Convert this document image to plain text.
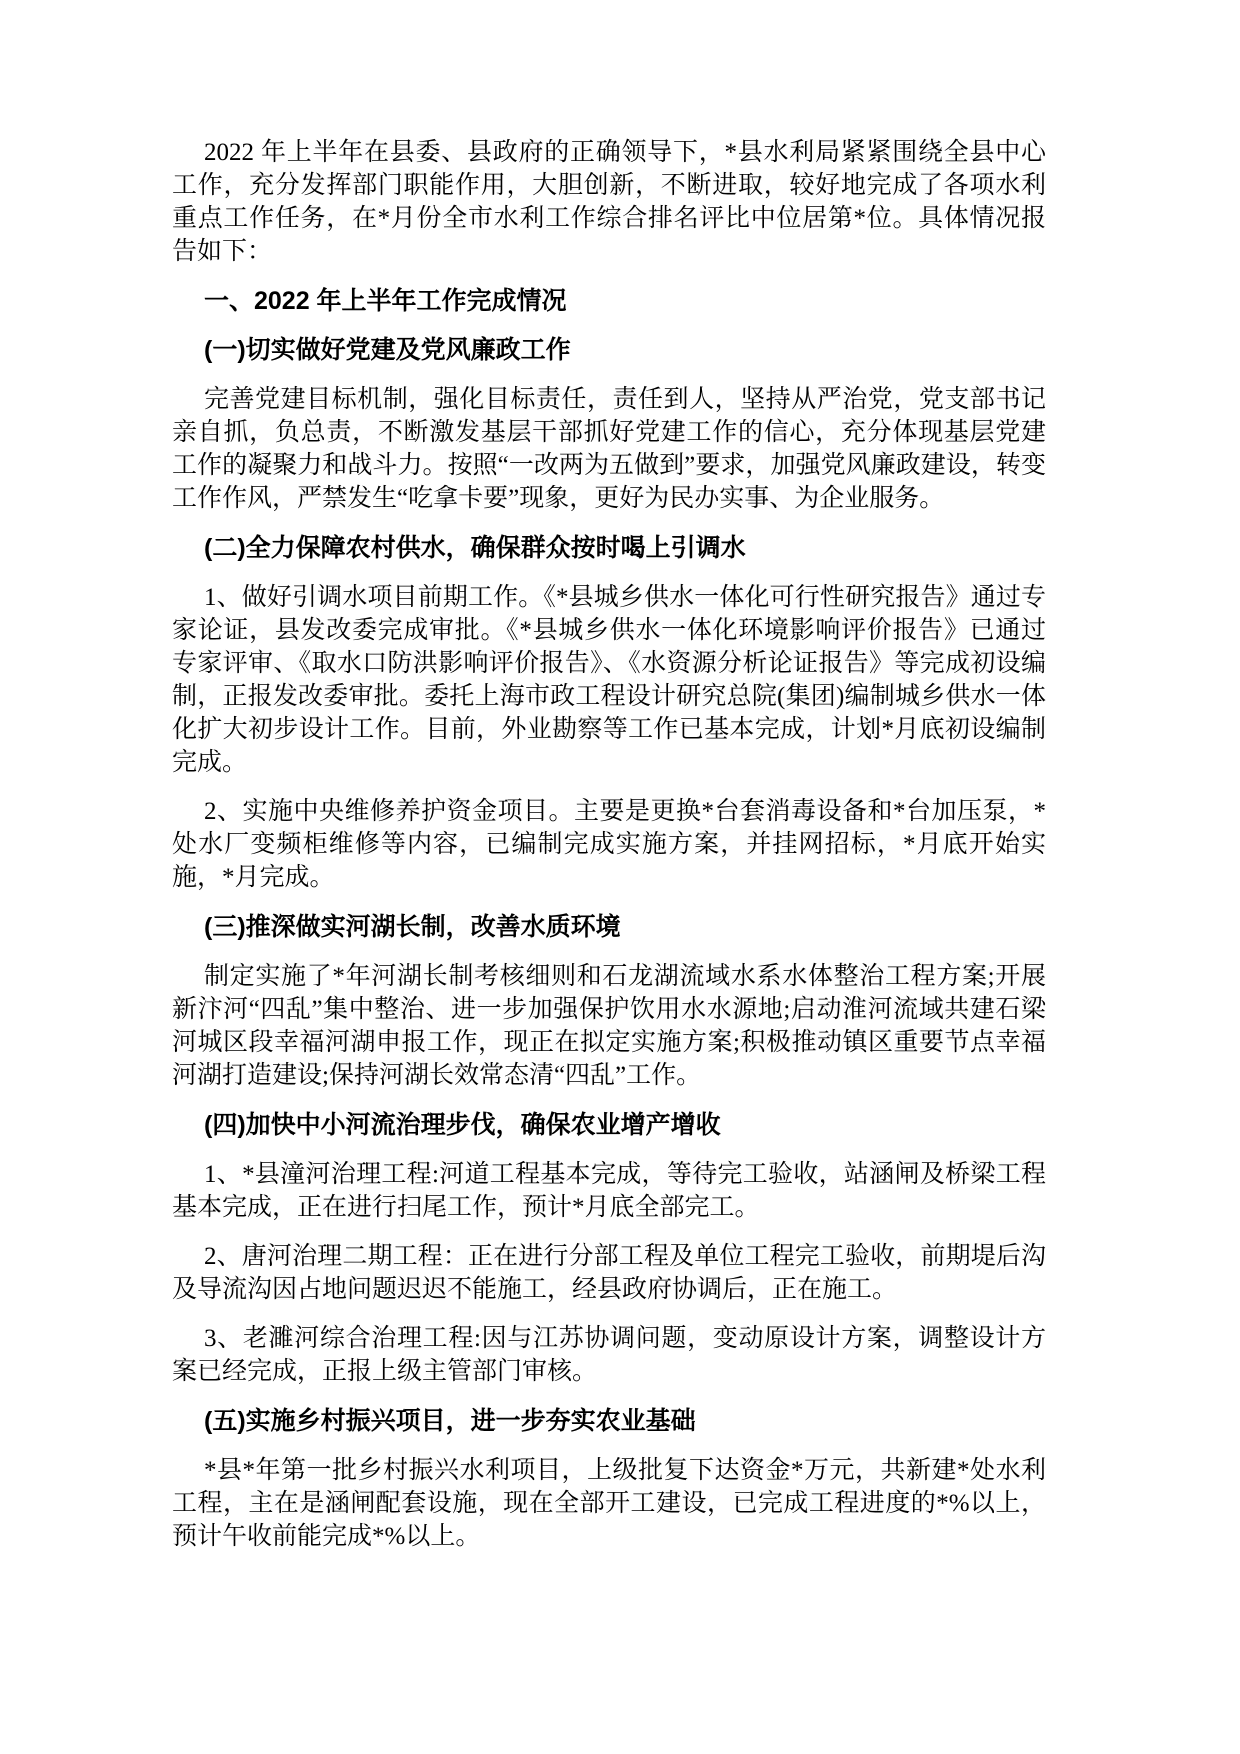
2022 年上半年在县委、县政府的正确领导下，*县水利局紧紧围绕全县中心工作，充分发挥部门职能作用，大胆创新，不断进取，较好地完成了各项水利重点工作任务，在*月份全市水利工作综合排名评比中位居第*位。具体情况报告如下：

一、2022 年上半年工作完成情况
(一)切实做好党建及党风廉政工作

完善党建目标机制，强化目标责任，责任到人，坚持从严治党，党支部书记亲自抓，负总责，不断激发基层干部抓好党建工作的信心，充分体现基层党建工作的凝聚力和战斗力。按照“一改两为五做到”要求，加强党风廉政建设，转变工作作风，严禁发生“吃拿卡要”现象，更好为民办实事、为企业服务。

(二)全力保障农村供水，确保群众按时喝上引调水

1、做好引调水项目前期工作。《*县城乡供水一体化可行性研究报告》通过专家论证，县发改委完成审批。《*县城乡供水一体化环境影响评价报告》已通过专家评审、《取水口防洪影响评价报告》、《水资源分析论证报告》等完成初设编制，正报发改委审批。委托上海市政工程设计研究总院(集团)编制城乡供水一体化扩大初步设计工作。目前，外业勘察等工作已基本完成，计划*月底初设编制完成。

2、实施中央维修养护资金项目。主要是更换*台套消毒设备和*台加压泵，*处水厂变频柜维修等内容，已编制完成实施方案，并挂网招标，*月底开始实施，*月完成。

(三)推深做实河湖长制，改善水质环境

制定实施了*年河湖长制考核细则和石龙湖流域水系水体整治工程方案;开展新汴河“四乱”集中整治、进一步加强保护饮用水水源地;启动淮河流域共建石梁河城区段幸福河湖申报工作，现正在拟定实施方案;积极推动镇区重要节点幸福河湖打造建设;保持河湖长效常态清“四乱”工作。

(四)加快中小河流治理步伐，确保农业增产增收

1、*县潼河治理工程:河道工程基本完成，等待完工验收，站涵闸及桥梁工程基本完成，正在进行扫尾工作，预计*月底全部完工。

2、唐河治理二期工程：正在进行分部工程及单位工程完工验收，前期堤后沟及导流沟因占地问题迟迟不能施工，经县政府协调后，正在施工。

3、老濉河综合治理工程:因与江苏协调问题，变动原设计方案，调整设计方案已经完成，正报上级主管部门审核。

(五)实施乡村振兴项目，进一步夯实农业基础

*县*年第一批乡村振兴水利项目，上级批复下达资金*万元，共新建*处水利工程，主在是涵闸配套设施，现在全部开工建设，已完成工程进度的*%以上，预计午收前能完成*%以上。
